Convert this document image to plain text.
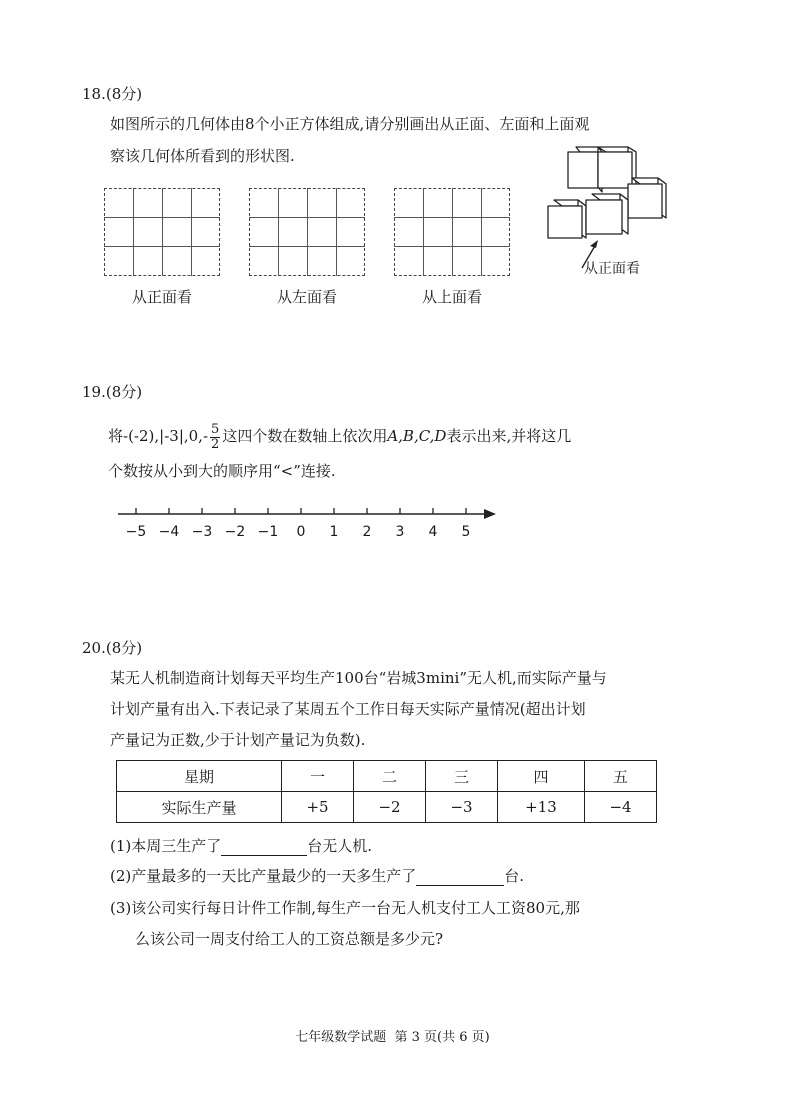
18.(8分)
如图所示的几何体由8个小正方体组成,请分别画出从正面、左面和上面观
察该几何体所看到的形状图.
从正面看	从左面看	从上面看
从正面看
19.(8分)
将$-(-2),|-3|,0,- \frac{5}{2}$ 这四个数在数轴上依次用A,B,C,D表示出来,并将这几
个数按从小到大的顺序用“<”连接.
−5 −4 −3 −2 −1 0 1 2 3 4 5
20.(8分)
某无人机制造商计划每天平均生产100台“岩城3mini”无人机,而实际产量与
计划产量有出入.下表记录了某周五个工作日每天实际产量情况(超出计划
产量记为正数,少于计划产量记为负数).
星期	一	二	三	四	五
实际生产量	+5	−2	−3	+13	−4
(1)本周三生产了	台无人机.
(2)产量最多的一天比产量最少的一天多生产了	台.
(3)该公司实行每日计件工作制,每生产一台无人机支付工人工资80元,那
么该公司一周支付给工人的工资总额是多少元?
七年级数学试题  第 3 页(共 6 页)
